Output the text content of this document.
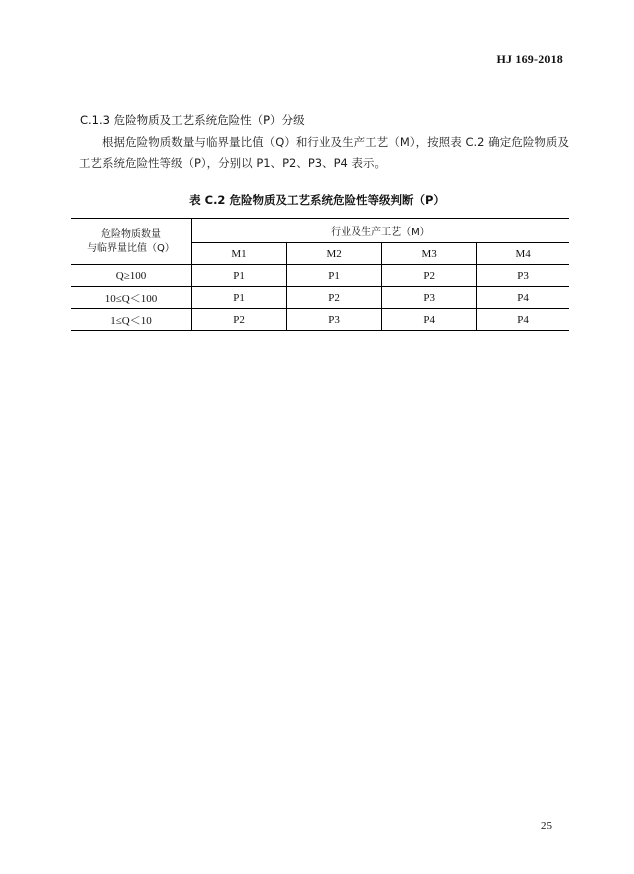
HJ 169-2018
C.1.3 危险物质及工艺系统危险性（P）分级
根据危险物质数量与临界量比值（Q）和行业及生产工艺（M），按照表 C.2 确定危险物质及工艺系统危险性等级（P），分别以 P1、P2、P3、P4 表示。
表 C.2 危险物质及工艺系统危险性等级判断（P）
危险物质数量
与临界量比值（Q）	行业及生产工艺（M）			
	M1	M2	M3	M4
Q≥100	P1	P1	P2	P3
10≤Q＜100	P1	P2	P3	P4
1≤Q＜10	P2	P3	P4	P4
25
